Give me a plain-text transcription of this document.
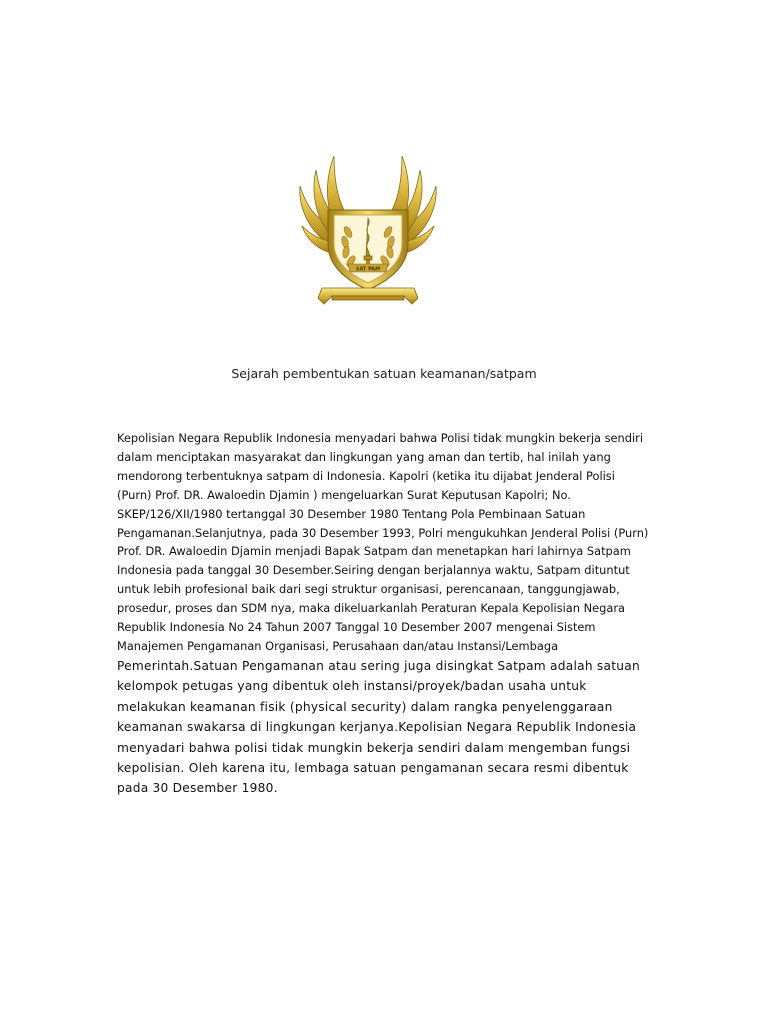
SAT PAM
Sejarah pembentukan satuan keamanan/satpam
Kepolisian Negara Republik Indonesia menyadari bahwa Polisi tidak mungkin bekerja sendiri
dalam menciptakan masyarakat dan lingkungan yang aman dan tertib, hal inilah yang
mendorong terbentuknya satpam di Indonesia. Kapolri (ketika itu dijabat Jenderal Polisi
(Purn) Prof. DR. Awaloedin Djamin ) mengeluarkan Surat Keputusan Kapolri; No.
SKEP/126/XII/1980 tertanggal 30 Desember 1980 Tentang Pola Pembinaan Satuan
Pengamanan.Selanjutnya, pada 30 Desember 1993, Polri mengukuhkan Jenderal Polisi (Purn)
Prof. DR. Awaloedin Djamin menjadi Bapak Satpam dan menetapkan hari lahirnya Satpam
Indonesia pada tanggal 30 Desember.Seiring dengan berjalannya waktu, Satpam dituntut
untuk lebih profesional baik dari segi struktur organisasi, perencanaan, tanggungjawab,
prosedur, proses dan SDM nya, maka dikeluarkanlah Peraturan Kepala Kepolisian Negara
Republik Indonesia No 24 Tahun 2007 Tanggal 10 Desember 2007 mengenai Sistem
Manajemen Pengamanan Organisasi, Perusahaan dan/atau Instansi/Lembaga
Pemerintah.Satuan Pengamanan atau sering juga disingkat Satpam adalah satuan
kelompok petugas yang dibentuk oleh instansi/proyek/badan usaha untuk
melakukan keamanan fisik (physical security) dalam rangka penyelenggaraan
keamanan swakarsa di lingkungan kerjanya.Kepolisian Negara Republik Indonesia
menyadari bahwa polisi tidak mungkin bekerja sendiri dalam mengemban fungsi
kepolisian. Oleh karena itu, lembaga satuan pengamanan secara resmi dibentuk
pada 30 Desember 1980.
